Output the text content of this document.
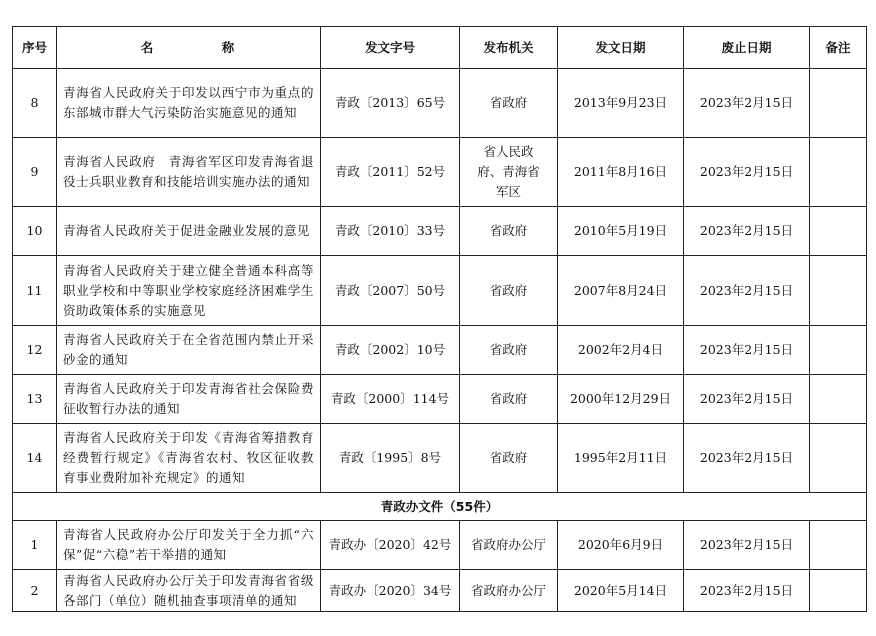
序号	名　称	发文字号	发布机关	发文日期	废止日期	备注
8	青海省人民政府关于印发以西宁市为重点的东部城市群大气污染防治实施意见的通知	青政〔2013〕65号	省政府	2013年9月23日	2023年2月15日	
9	青海省人民政府　青海省军区印发青海省退役士兵职业教育和技能培训实施办法的通知	青政〔2011〕52号	省人民政府、青海省军区	2011年8月16日	2023年2月15日	
10	青海省人民政府关于促进金融业发展的意见	青政〔2010〕33号	省政府	2010年5月19日	2023年2月15日	
11	青海省人民政府关于建立健全普通本科高等职业学校和中等职业学校家庭经济困难学生资助政策体系的实施意见	青政〔2007〕50号	省政府	2007年8月24日	2023年2月15日	
12	青海省人民政府关于在全省范围内禁止开采砂金的通知	青政〔2002〕10号	省政府	2002年2月4日	2023年2月15日	
13	青海省人民政府关于印发青海省社会保险费征收暂行办法的通知	青政〔2000〕114号	省政府	2000年12月29日	2023年2月15日	
14	青海省人民政府关于印发《青海省筹措教育经费暂行规定》《青海省农村、牧区征收教育事业费附加补充规定》的通知	青政〔1995〕8号	省政府	1995年2月11日	2023年2月15日	
青政办文件（55件）						
1	青海省人民政府办公厅印发关于全力抓“六保”促“六稳”若干举措的通知	青政办〔2020〕42号	省政府办公厅	2020年6月9日	2023年2月15日	
2	青海省人民政府办公厅关于印发青海省省级各部门（单位）随机抽查事项清单的通知	青政办〔2020〕34号	省政府办公厅	2020年5月14日	2023年2月15日	
